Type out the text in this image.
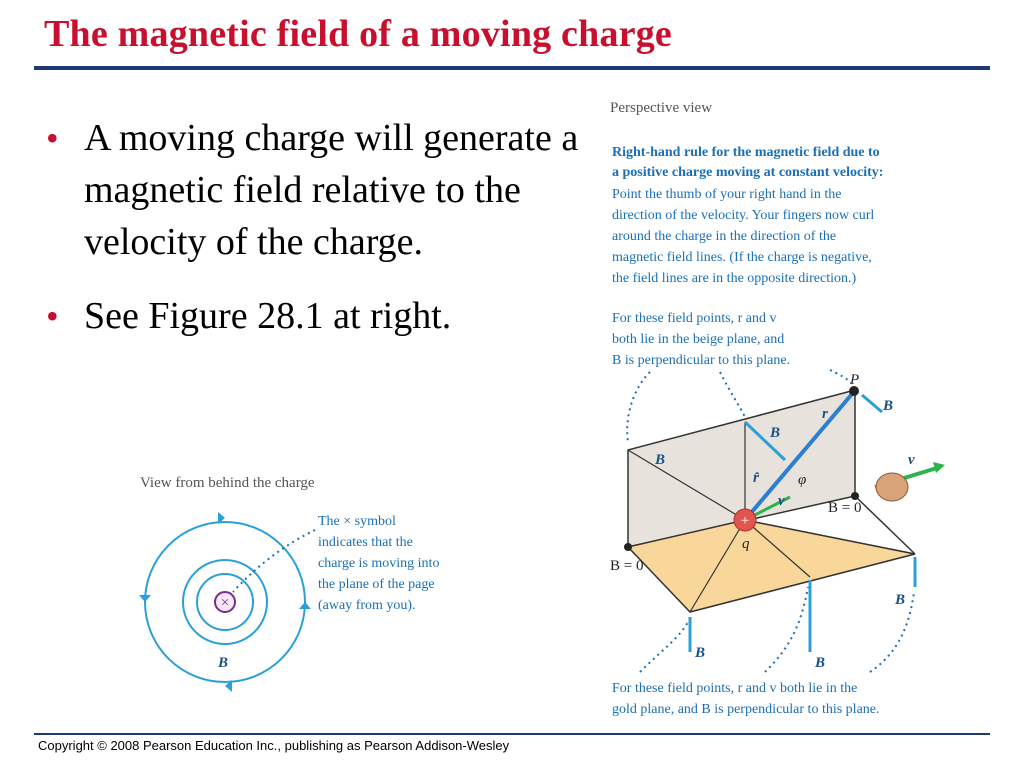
The magnetic field of a moving charge
• A moving charge will generate a magnetic field relative to the velocity of the charge.
• See Figure 28.1 at right.
View from behind the charge
×
The × symbol
indicates that the
charge is moving into
the plane of the page
(away from you).
B
Perspective view
Right-hand rule for the magnetic field due to
a positive charge moving at constant velocity:
Point the thumb of your right hand in the
direction of the velocity. Your fingers now curl
around the charge in the direction of the
magnetic field lines. (If the charge is negative,
the field lines are in the opposite direction.)
For these field points, r and v
both lie in the beige plane, and
B is perpendicular to this plane.
P
r
v
v
B
B
B
B
B
B
+
q
r̂	φ
B = 0
B = 0
For these field points, r and v both lie in the
gold plane, and B is perpendicular to this plane.
Copyright © 2008 Pearson Education Inc., publishing as Pearson Addison-Wesley
